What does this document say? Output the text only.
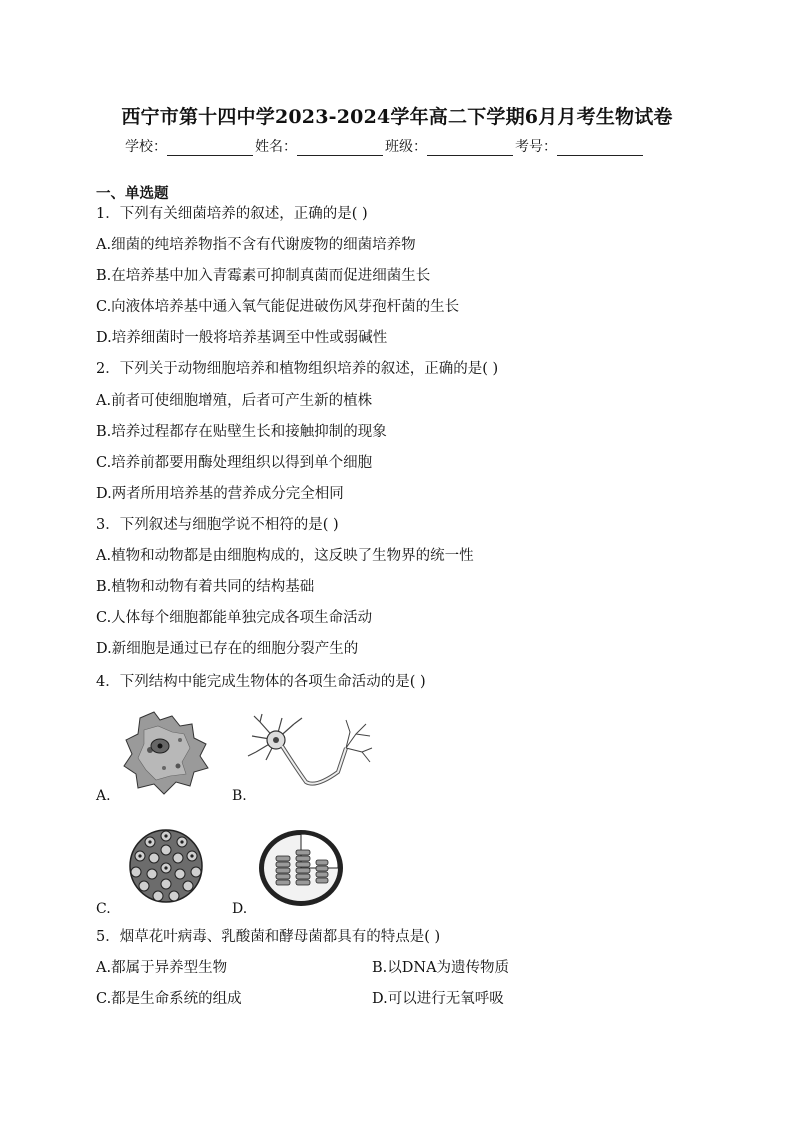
西宁市第十四中学2023-2024学年高二下学期6月月考生物试卷
学校：	姓名：	班级：	考号：
一、单选题
1．下列有关细菌培养的叙述，正确的是( )
A.细菌的纯培养物指不含有代谢废物的细菌培养物
B.在培养基中加入青霉素可抑制真菌而促进细菌生长
C.向液体培养基中通入氧气能促进破伤风芽孢杆菌的生长
D.培养细菌时一般将培养基调至中性或弱碱性
2．下列关于动物细胞培养和植物组织培养的叙述，正确的是( )
A.前者可使细胞增殖，后者可产生新的植株
B.培养过程都存在贴壁生长和接触抑制的现象
C.培养前都要用酶处理组织以得到单个细胞
D.两者所用培养基的营养成分完全相同
3．下列叙述与细胞学说不相符的是( )
A.植物和动物都是由细胞构成的，这反映了生物界的统一性
B.植物和动物有着共同的结构基础
C.人体每个细胞都能单独完成各项生命活动
D.新细胞是通过已存在的细胞分裂产生的
4．下列结构中能完成生物体的各项生命活动的是( )
A.	B.
C.	D.
5．烟草花叶病毒、乳酸菌和酵母菌都具有的特点是( )
A.都属于异养型生物	B.以DNA为遗传物质
C.都是生命系统的组成	D.可以进行无氧呼吸
